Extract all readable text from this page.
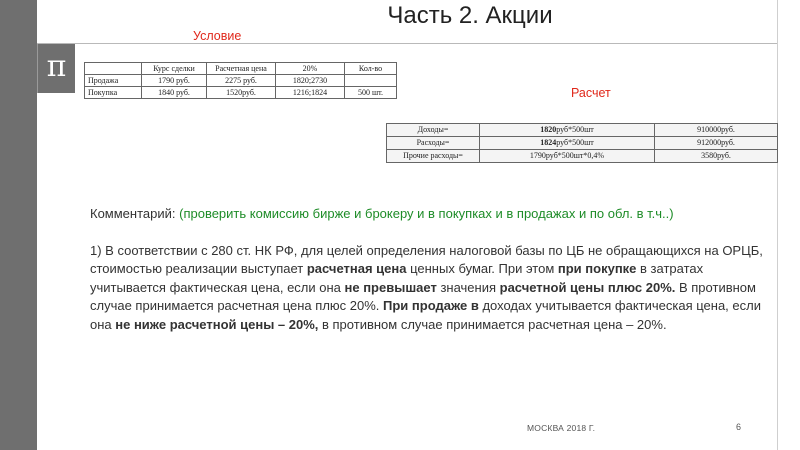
π
Часть 2. Акции
Условие
Расчет
	Курс сделки	Расчетная цена	20%	Кол-во
Продажа	1790 руб.	2275 руб.	1820;2730	
Покупка	1840 руб.	1520руб.	1216;1824	500 шт.
Доходы=	1820руб*500шт	910000руб.
Расходы=	1824руб*500шт	912000руб.
Прочие расходы=	1790руб*500шт*0,4%	3580руб.
Комментарий: (проверить комиссию бирже и брокеру и в покупках и в продажах и по обл. в т.ч..)
1) В соответствии с 280 ст. НК РФ, для целей определения налоговой базы по ЦБ не обращающихся на ОРЦБ, стоимостью реализации выступает расчетная цена ценных бумаг. При этом при покупке в затратах учитывается фактическая цена, если она не превышает значения расчетной цены плюс 20%. В противном случае принимается расчетная цена плюс 20%. При продаже в доходах учитывается фактическая цена, если она не ниже расчетной цены – 20%, в противном случае принимается расчетная цена – 20%.
МОСКВА 2018 Г.	6
